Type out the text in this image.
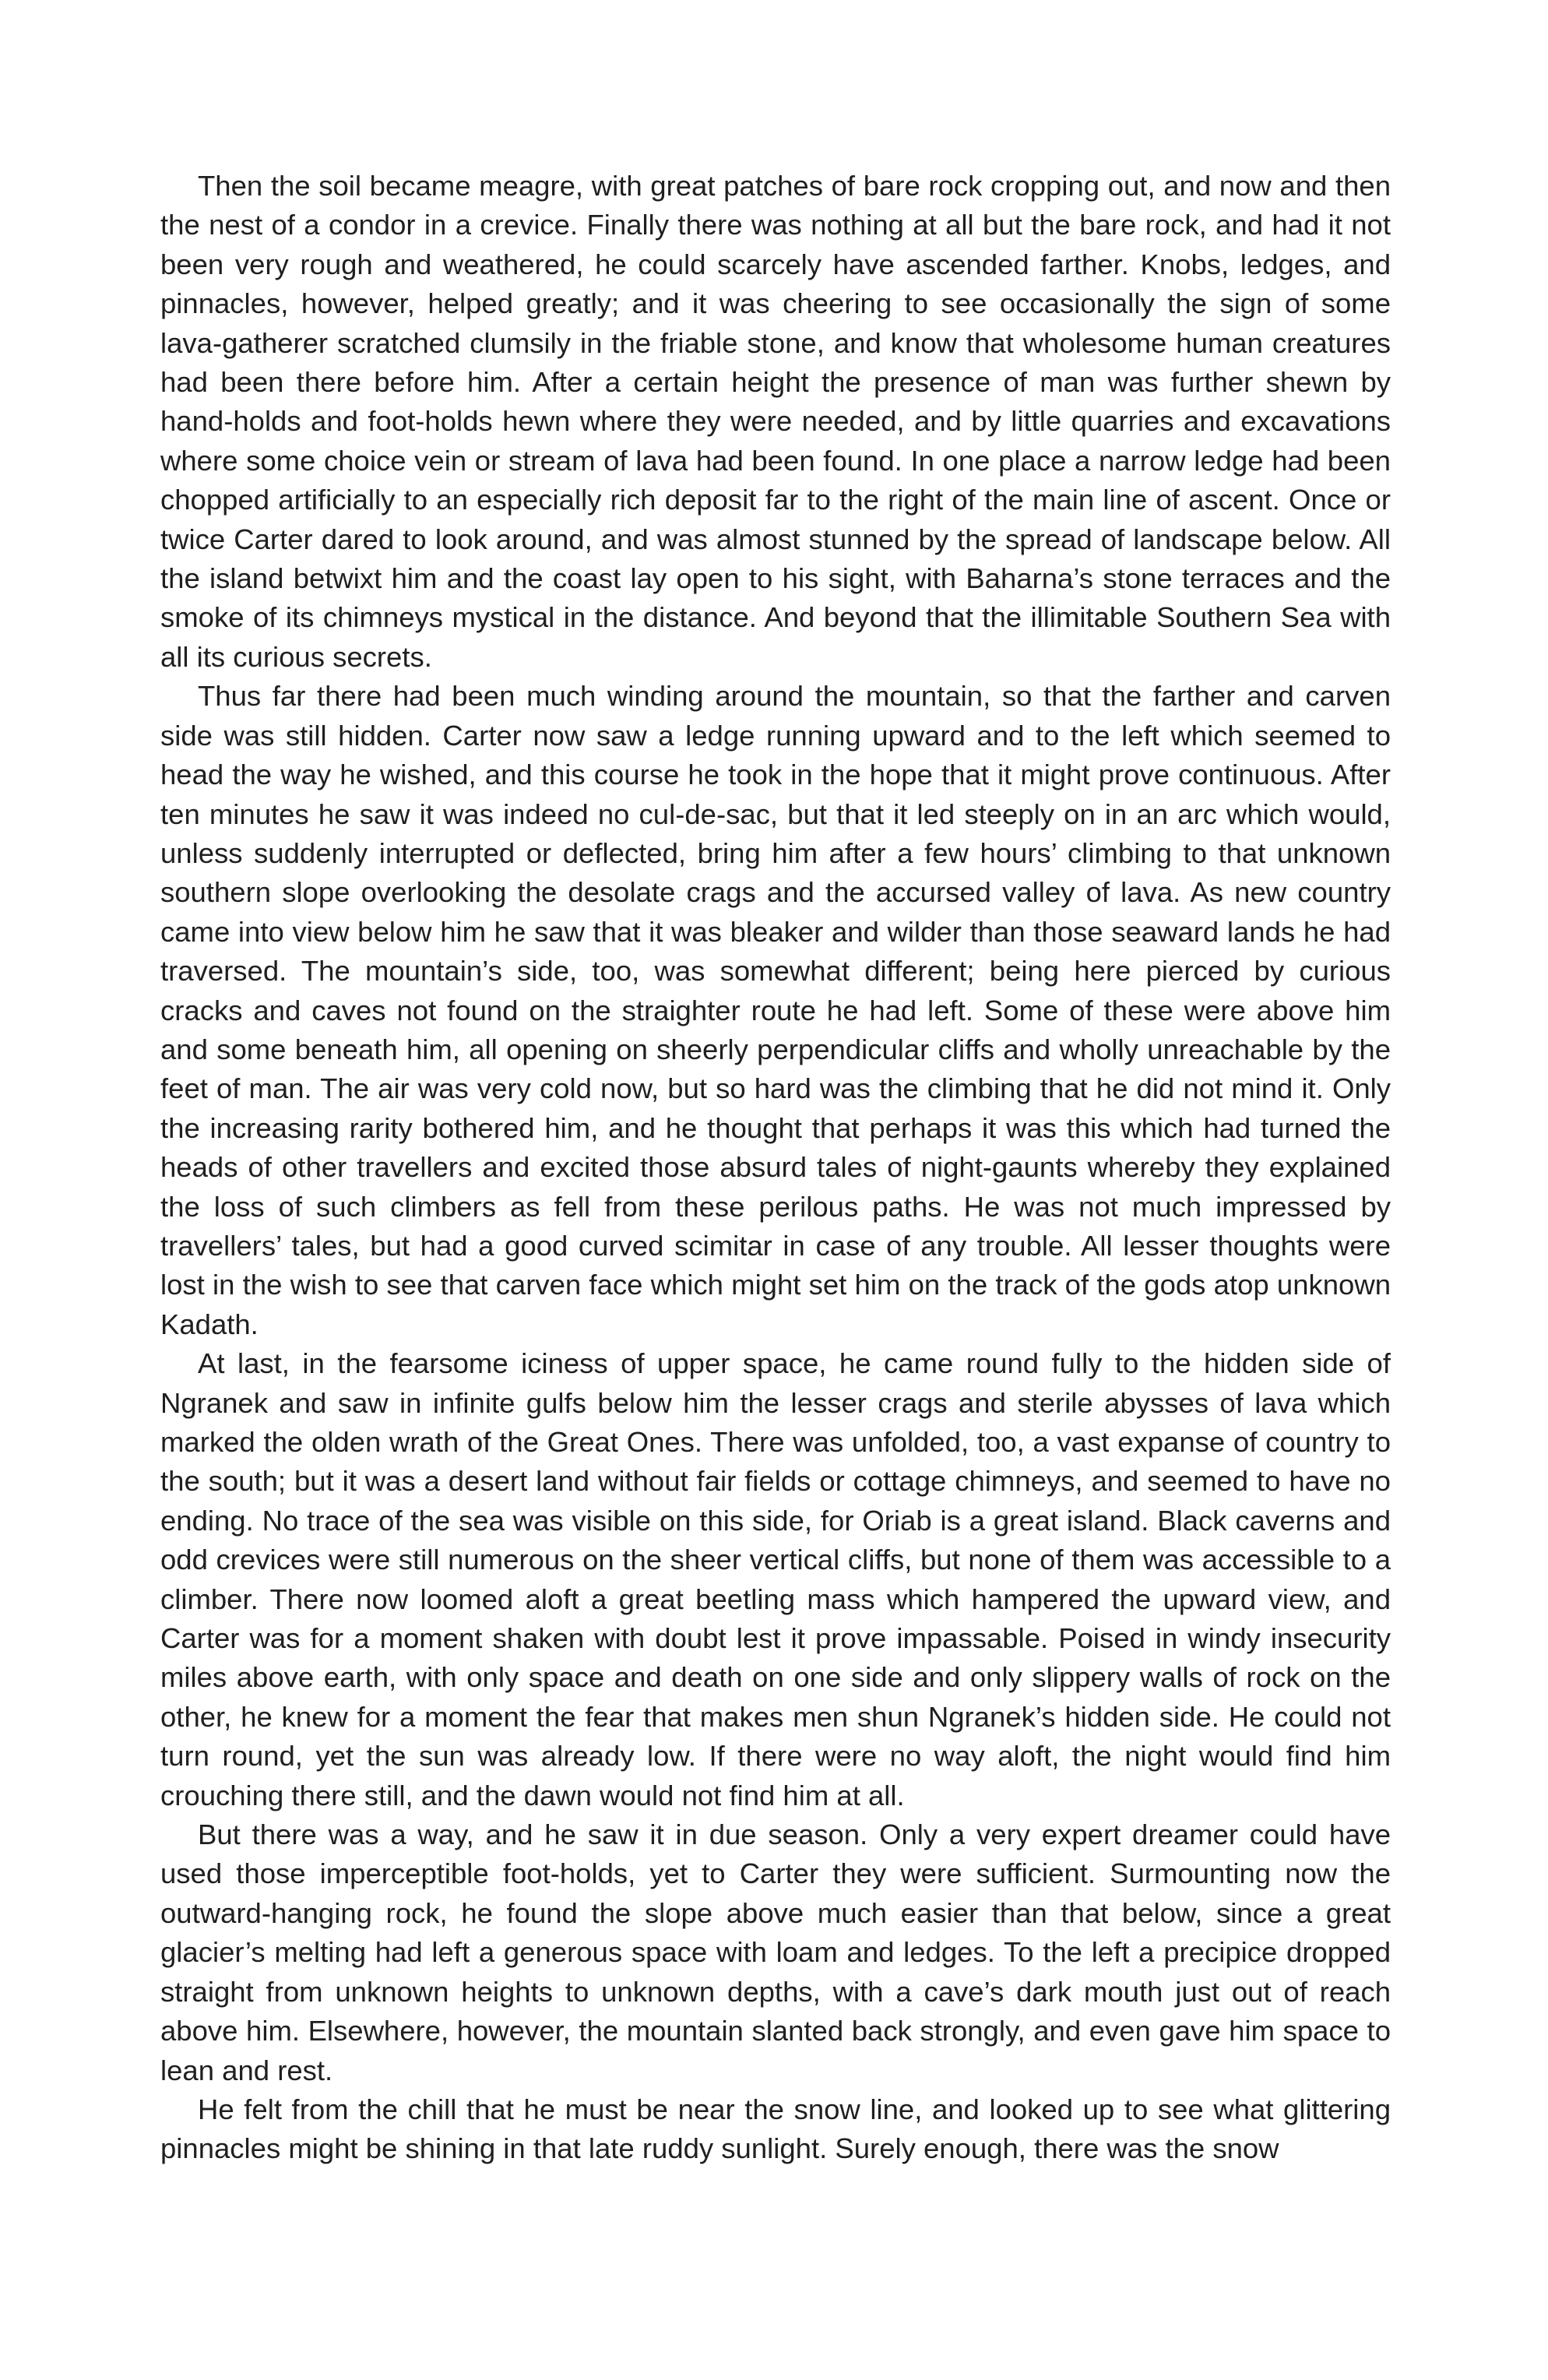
Then the soil became meagre, with great patches of bare rock cropping out, and now and then the nest of a condor in a crevice. Finally there was nothing at all but the bare rock, and had it not been very rough and weathered, he could scarcely have ascended farther. Knobs, ledges, and pinnacles, however, helped greatly; and it was cheering to see occasionally the sign of some lava-gatherer scratched clumsily in the friable stone, and know that wholesome human creatures had been there before him. After a certain height the presence of man was further shewn by hand-holds and foot-holds hewn where they were needed, and by little quarries and excavations where some choice vein or stream of lava had been found. In one place a narrow ledge had been chopped artificially to an especially rich deposit far to the right of the main line of ascent. Once or twice Carter dared to look around, and was almost stunned by the spread of landscape below. All the island betwixt him and the coast lay open to his sight, with Baharna’s stone terraces and the smoke of its chimneys mystical in the distance. And beyond that the illimitable Southern Sea with all its curious secrets.

Thus far there had been much winding around the mountain, so that the farther and carven side was still hidden. Carter now saw a ledge running upward and to the left which seemed to head the way he wished, and this course he took in the hope that it might prove continuous. After ten minutes he saw it was indeed no cul-de-sac, but that it led steeply on in an arc which would, unless suddenly interrupted or deflected, bring him after a few hours’ climbing to that unknown southern slope overlooking the desolate crags and the accursed valley of lava. As new country came into view below him he saw that it was bleaker and wilder than those seaward lands he had traversed. The mountain’s side, too, was somewhat different; being here pierced by curious cracks and caves not found on the straighter route he had left. Some of these were above him and some beneath him, all opening on sheerly perpendicular cliffs and wholly unreachable by the feet of man. The air was very cold now, but so hard was the climbing that he did not mind it. Only the increasing rarity bothered him, and he thought that perhaps it was this which had turned the heads of other travellers and excited those absurd tales of night-gaunts whereby they explained the loss of such climbers as fell from these perilous paths. He was not much impressed by travellers’ tales, but had a good curved scimitar in case of any trouble. All lesser thoughts were lost in the wish to see that carven face which might set him on the track of the gods atop unknown Kadath.

At last, in the fearsome iciness of upper space, he came round fully to the hidden side of Ngranek and saw in infinite gulfs below him the lesser crags and sterile abysses of lava which marked the olden wrath of the Great Ones. There was unfolded, too, a vast expanse of country to the south; but it was a desert land without fair fields or cottage chimneys, and seemed to have no ending. No trace of the sea was visible on this side, for Oriab is a great island. Black caverns and odd crevices were still numerous on the sheer vertical cliffs, but none of them was accessible to a climber. There now loomed aloft a great beetling mass which hampered the upward view, and Carter was for a moment shaken with doubt lest it prove impassable. Poised in windy insecurity miles above earth, with only space and death on one side and only slippery walls of rock on the other, he knew for a moment the fear that makes men shun Ngranek’s hidden side. He could not turn round, yet the sun was already low. If there were no way aloft, the night would find him crouching there still, and the dawn would not find him at all.

But there was a way, and he saw it in due season. Only a very expert dreamer could have used those imperceptible foot-holds, yet to Carter they were sufficient. Surmounting now the outward-hanging rock, he found the slope above much easier than that below, since a great glacier’s melting had left a generous space with loam and ledges. To the left a precipice dropped straight from unknown heights to unknown depths, with a cave’s dark mouth just out of reach above him. Elsewhere, however, the mountain slanted back strongly, and even gave him space to lean and rest.

He felt from the chill that he must be near the snow line, and looked up to see what glittering pinnacles might be shining in that late ruddy sunlight. Surely enough, there was the snow
